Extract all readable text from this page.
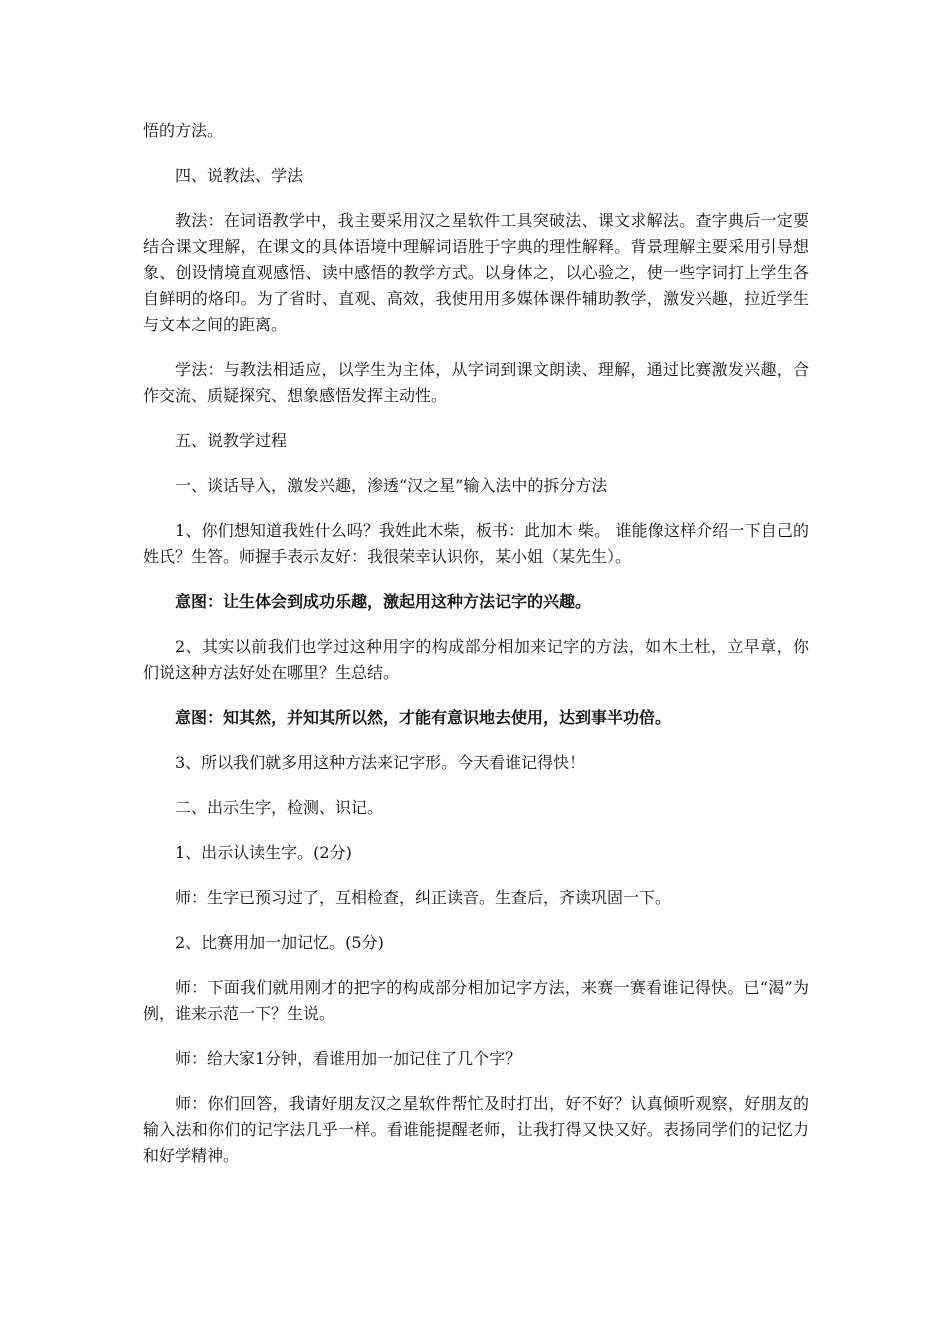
悟的方法。

四、说教法、学法

教法：在词语教学中，我主要采用汉之星软件工具突破法、课文求解法。查字典后一定要结合课文理解，在课文的具体语境中理解词语胜于字典的理性解释。背景理解主要采用引导想象、创设情境直观感悟、读中感悟的教学方式。以身体之，以心验之，使一些字词打上学生各自鲜明的烙印。为了省时、直观、高效，我使用用多媒体课件辅助教学，激发兴趣，拉近学生与文本之间的距离。

学法：与教法相适应，以学生为主体，从字词到课文朗读、理解，通过比赛激发兴趣，合作交流、质疑探究、想象感悟发挥主动性。

五、说教学过程

一、谈话导入，激发兴趣，渗透“汉之星”输入法中的拆分方法

1、你们想知道我姓什么吗？我姓此木柴，板书：此加木 柴。 谁能像这样介绍一下自己的姓氏？生答。师握手表示友好：我很荣幸认识你，某小姐（某先生）。

意图：让生体会到成功乐趣，激起用这种方法记字的兴趣。

2、其实以前我们也学过这种用字的构成部分相加来记字的方法，如木土杜，立早章，你们说这种方法好处在哪里？生总结。

意图：知其然，并知其所以然，才能有意识地去使用，达到事半功倍。

3、所以我们就多用这种方法来记字形。今天看谁记得快！

二、出示生字，检测、识记。

1、出示认读生字。(2分)

师：生字已预习过了，互相检查，纠正读音。生查后，齐读巩固一下。

2、比赛用加一加记忆。(5分)

师：下面我们就用刚才的把字的构成部分相加记字方法，来赛一赛看谁记得快。已“渴”为例，谁来示范一下？生说。

师：给大家1分钟，看谁用加一加记住了几个字？

师：你们回答，我请好朋友汉之星软件帮忙及时打出，好不好？认真倾听观察，好朋友的输入法和你们的记字法几乎一样。看谁能提醒老师，让我打得又快又好。表扬同学们的记忆力和好学精神。
